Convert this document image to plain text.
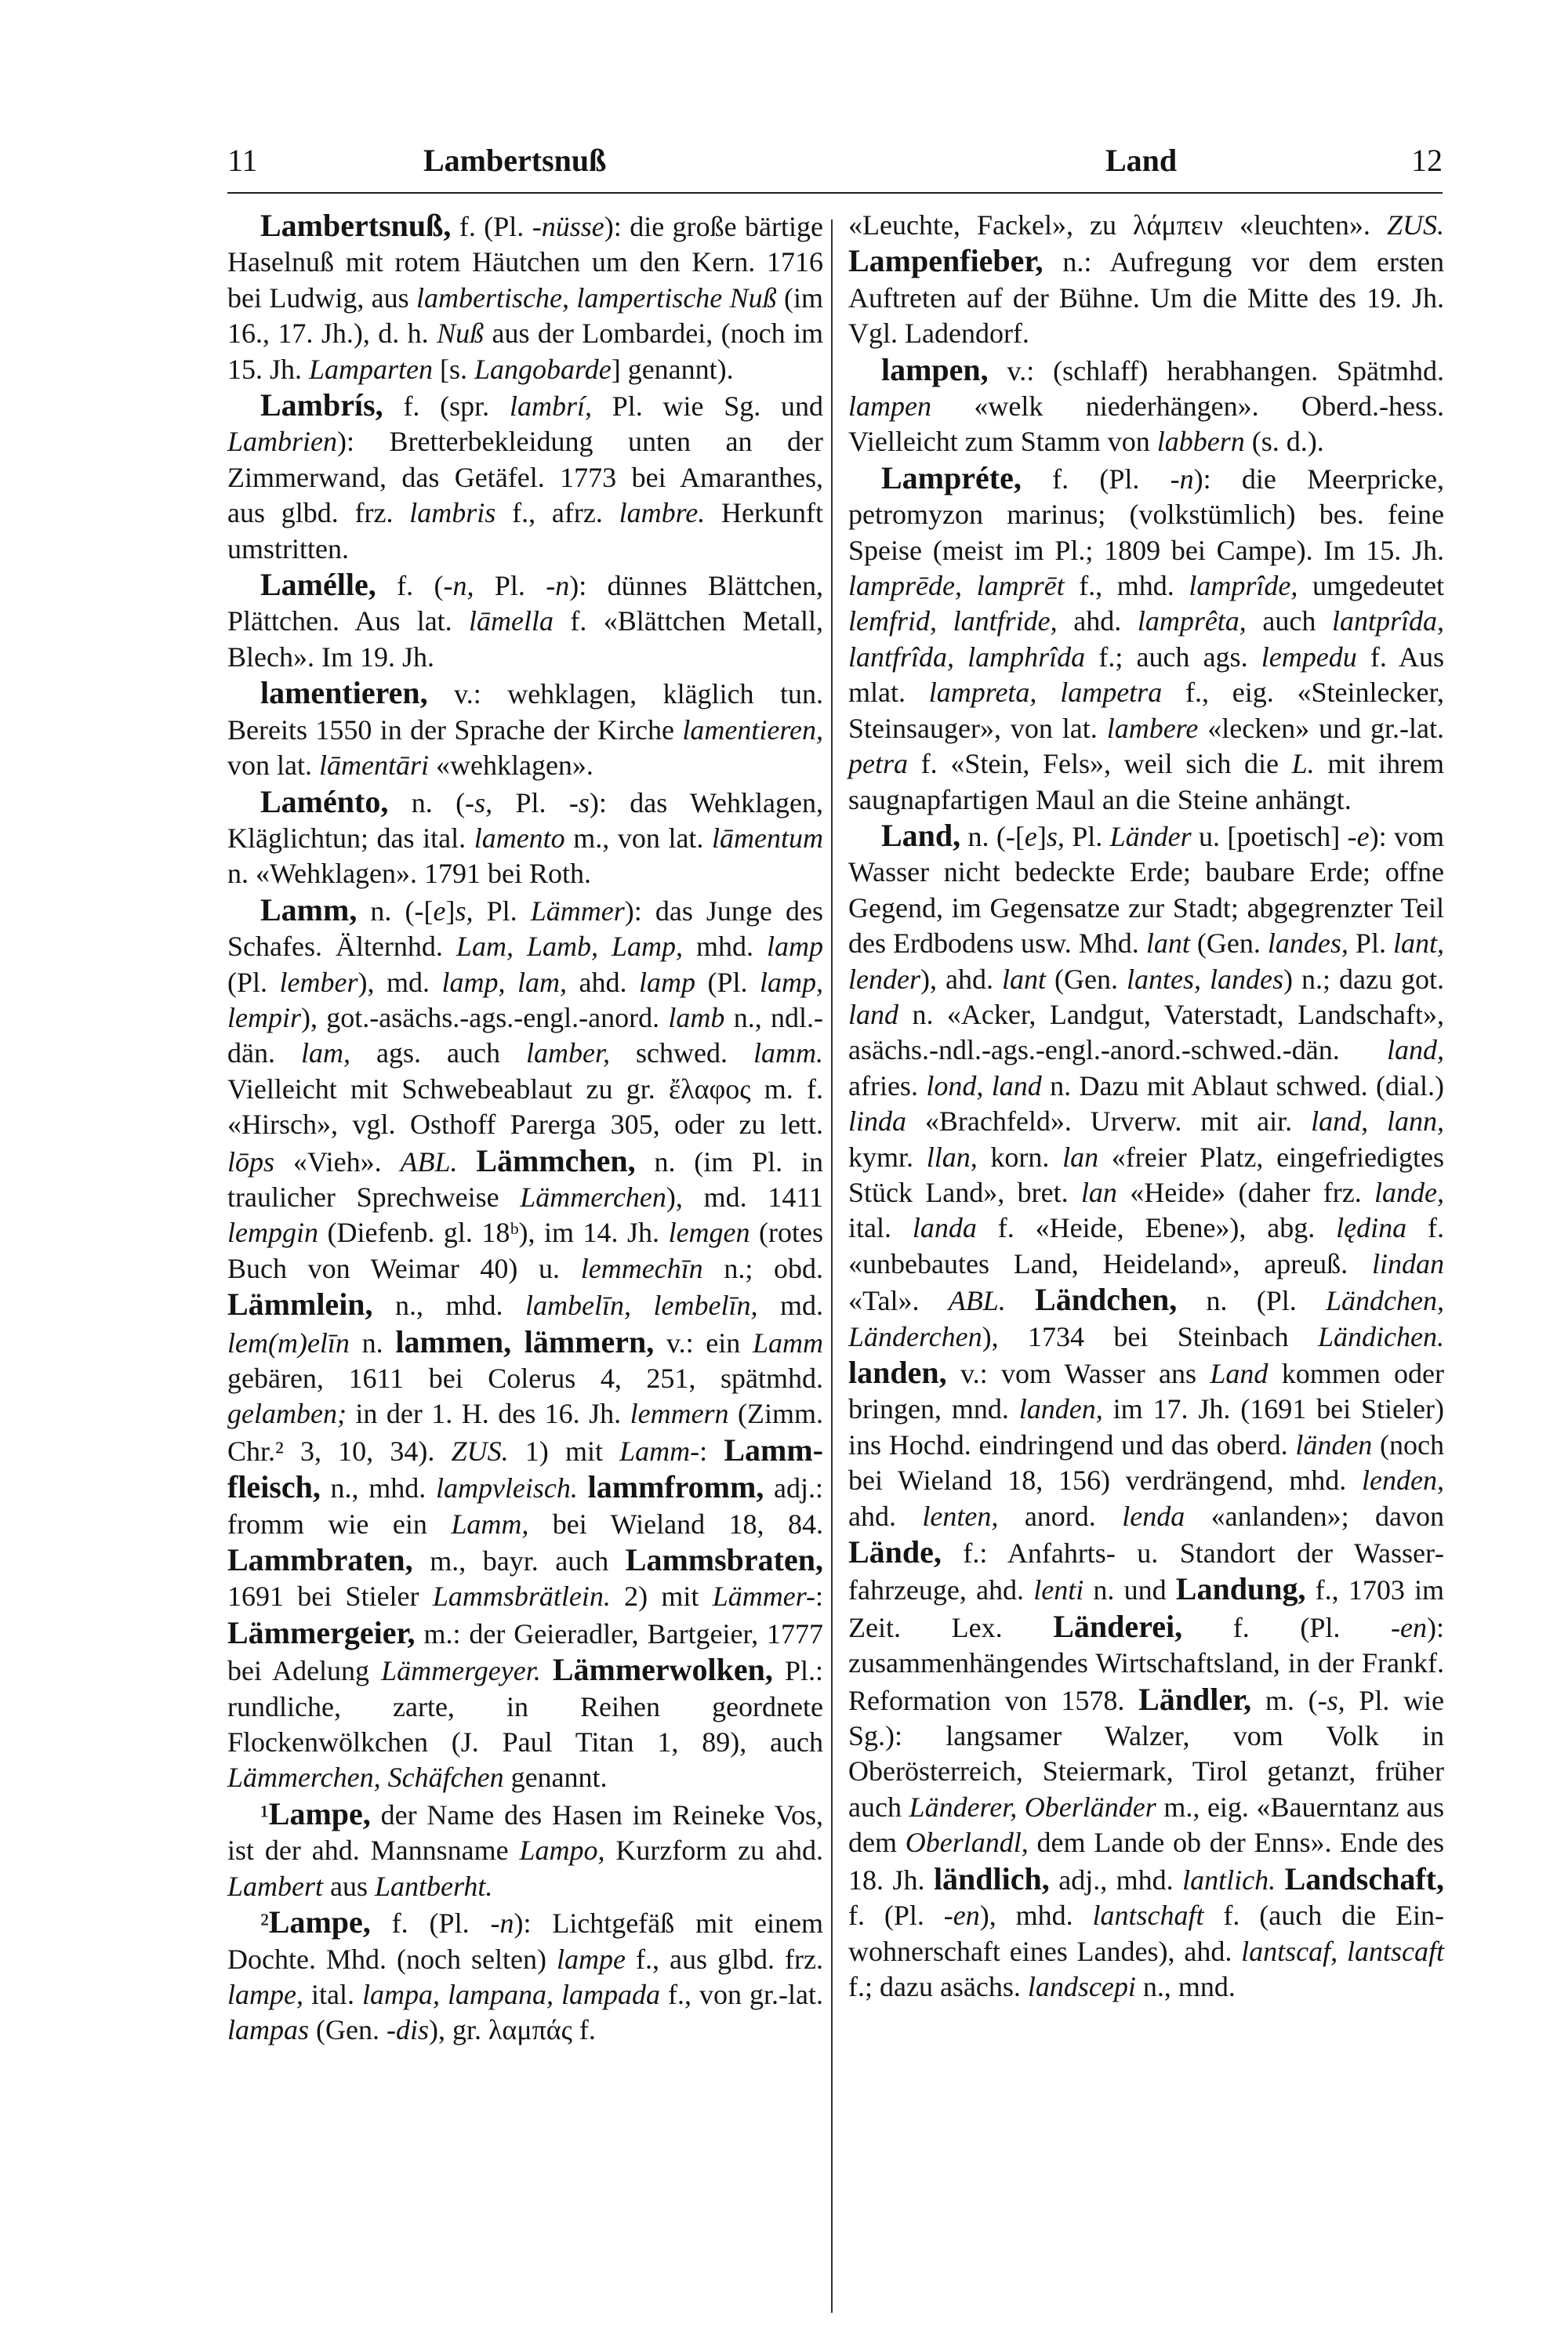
11	Lambertsnuß	Land	12

Lambertsnuß, f. (Pl. -nüsse): die große bärtige Haselnuß mit rotem Häutchen um den Kern. 1716 bei Ludwig, aus lambertische, lampertische Nuß (im 16., 17. Jh.), d. h. Nuß aus der Lombardei, (noch im 15. Jh. Lamparten [s. Langobarde] genannt).

Lambrís, f. (spr. lambrí, Pl. wie Sg. und Lambrien): Bretterbekleidung unten an der Zimmerwand, das Getäfel. 1773 bei Amaranthes, aus glbd. frz. lambris f., afrz. lambre. Herkunft umstritten.

Lamélle, f. (-n, Pl. -n): dünnes Blättchen, Plättchen. Aus lat. lāmella f. «Blättchen Metall, Blech». Im 19. Jh.

lamentieren, v.: wehklagen, kläglich tun. Bereits 1550 in der Sprache der Kirche lamentieren, von lat. lāmentāri «wehklagen».

Laménto, n. (-s, Pl. -s): das Wehklagen, Kläglichtun; das ital. lamento m., von lat. lāmentum n. «Wehklagen». 1791 bei Roth.

Lamm, n. (-[e]s, Pl. Lämmer): das Junge des Schafes. Älternhd. Lam, Lamb, Lamp, mhd. lamp (Pl. lember), md. lamp, lam, ahd. lamp (Pl. lamp, lempir), got.-asächs.-ags.-engl.-anord. lamb n., ndl.-dän. lam, ags. auch lamber, schwed. lamm. Vielleicht mit Schwebeablaut zu gr. ἔλαφος m. f. «Hirsch», vgl. Osthoff Parerga 305, oder zu lett. lōps «Vieh». ABL. Lämmchen, n. (im Pl. in traulicher Sprechweise Lämmerchen), md. 1411 lempgin (Diefenb. gl. 18ᵇ), im 14. Jh. lemgen (rotes Buch von Weimar 40) u. lemmechīn n.; obd. Lämmlein, n., mhd. lambelīn, lembelīn, md. lem(m)elīn n. lammen, lämmern, v.: ein Lamm gebären, 1611 bei Colerus 4, 251, spätmhd. gelamben; in der 1. H. des 16. Jh. lemmern (Zimm. Chr.² 3, 10, 34). ZUS. 1) mit Lamm-: Lammfleisch, n., mhd. lampvleisch. lammfromm, adj.: fromm wie ein Lamm, bei Wieland 18, 84. Lammbraten, m., bayr. auch Lammsbraten, 1691 bei Stieler Lammsbrätlein. 2) mit Lämmer-: Lämmergeier, m.: der Geieradler, Bartgeier, 1777 bei Adelung Lämmergeyer. Lämmerwolken, Pl.: rundliche, zarte, in Reihen geordnete Flockenwölkchen (J. Paul Titan 1, 89), auch Lämmerchen, Schäfchen genannt.

¹Lampe, der Name des Hasen im Reineke Vos, ist der ahd. Mannsname Lampo, Kurzform zu ahd. Lambert aus Lantberht.

²Lampe, f. (Pl. -n): Lichtgefäß mit einem Dochte. Mhd. (noch selten) lampe f., aus glbd. frz. lampe, ital. lampa, lampana, lampada f., von gr.-lat. lampas (Gen. -dis), gr. λαμπάς f.

«Leuchte, Fackel», zu λάμπειν «leuchten». ZUS. Lampenfieber, n.: Aufregung vor dem ersten Auftreten auf der Bühne. Um die Mitte des 19. Jh. Vgl. Ladendorf.

lampen, v.: (schlaff) herabhangen. Spätmhd. lampen «welk niederhängen». Oberd.-hess. Vielleicht zum Stamm von labbern (s. d.).

Lampréte, f. (Pl. -n): die Meerpricke, petromyzon marinus; (volkstümlich) bes. feine Speise (meist im Pl.; 1809 bei Campe). Im 15. Jh. lamprēde, lamprēt f., mhd. lamprîde, umgedeutet lemfrid, lantfride, ahd. lamprêta, auch lantprîda, lantfrîda, lamphrîda f.; auch ags. lempedu f. Aus mlat. lampreta, lampetra f., eig. «Steinlecker, Steinsauger», von lat. lambere «lecken» und gr.-lat. petra f. «Stein, Fels», weil sich die L. mit ihrem saugnapfartigen Maul an die Steine anhängt.

Land, n. (-[e]s, Pl. Länder u. [poetisch] -e): vom Wasser nicht bedeckte Erde; baubare Erde; offne Gegend, im Gegensatze zur Stadt; abgegrenzter Teil des Erdbodens usw. Mhd. lant (Gen. landes, Pl. lant, lender), ahd. lant (Gen. lantes, landes) n.; dazu got. land n. «Acker, Landgut, Vaterstadt, Landschaft», asächs.-ndl.-ags.-engl.-anord.-schwed.-dän. land, afries. lond, land n. Dazu mit Ablaut schwed. (dial.) linda «Brachfeld». Urverw. mit air. land, lann, kymr. llan, korn. lan «freier Platz, eingefriedigtes Stück Land», bret. lan «Heide» (daher frz. lande, ital. landa f. «Heide, Ebene»), abg. lędina f. «unbebautes Land, Heideland», apreuß. lindan «Tal». ABL. Ländchen, n. (Pl. Ländchen, Länderchen), 1734 bei Steinbach Ländichen. landen, v.: vom Wasser ans Land kommen oder bringen, mnd. landen, im 17. Jh. (1691 bei Stieler) ins Hochd. eindringend und das oberd. länden (noch bei Wieland 18, 156) verdrängend, mhd. lenden, ahd. lenten, anord. lenda «anlanden»; davon Lände, f.: Anfahrts- u. Standort der Wasserfahrzeuge, ahd. lenti n. und Landung, f., 1703 im Zeit. Lex. Länderei, f. (Pl. -en): zusammenhängendes Wirtschaftsland, in der Frankf. Reformation von 1578. Ländler, m. (-s, Pl. wie Sg.): langsamer Walzer, vom Volk in Oberösterreich, Steiermark, Tirol getanzt, früher auch Länderer, Oberländer m., eig. «Bauerntanz aus dem Oberlandl, dem Lande ob der Enns». Ende des 18. Jh. ländlich, adj., mhd. lantlich. Landschaft, f. (Pl. -en), mhd. lantschaft f. (auch die Einwohnerschaft eines Landes), ahd. lantscaf, lantscaft f.; dazu asächs. landscepi n., mnd.
